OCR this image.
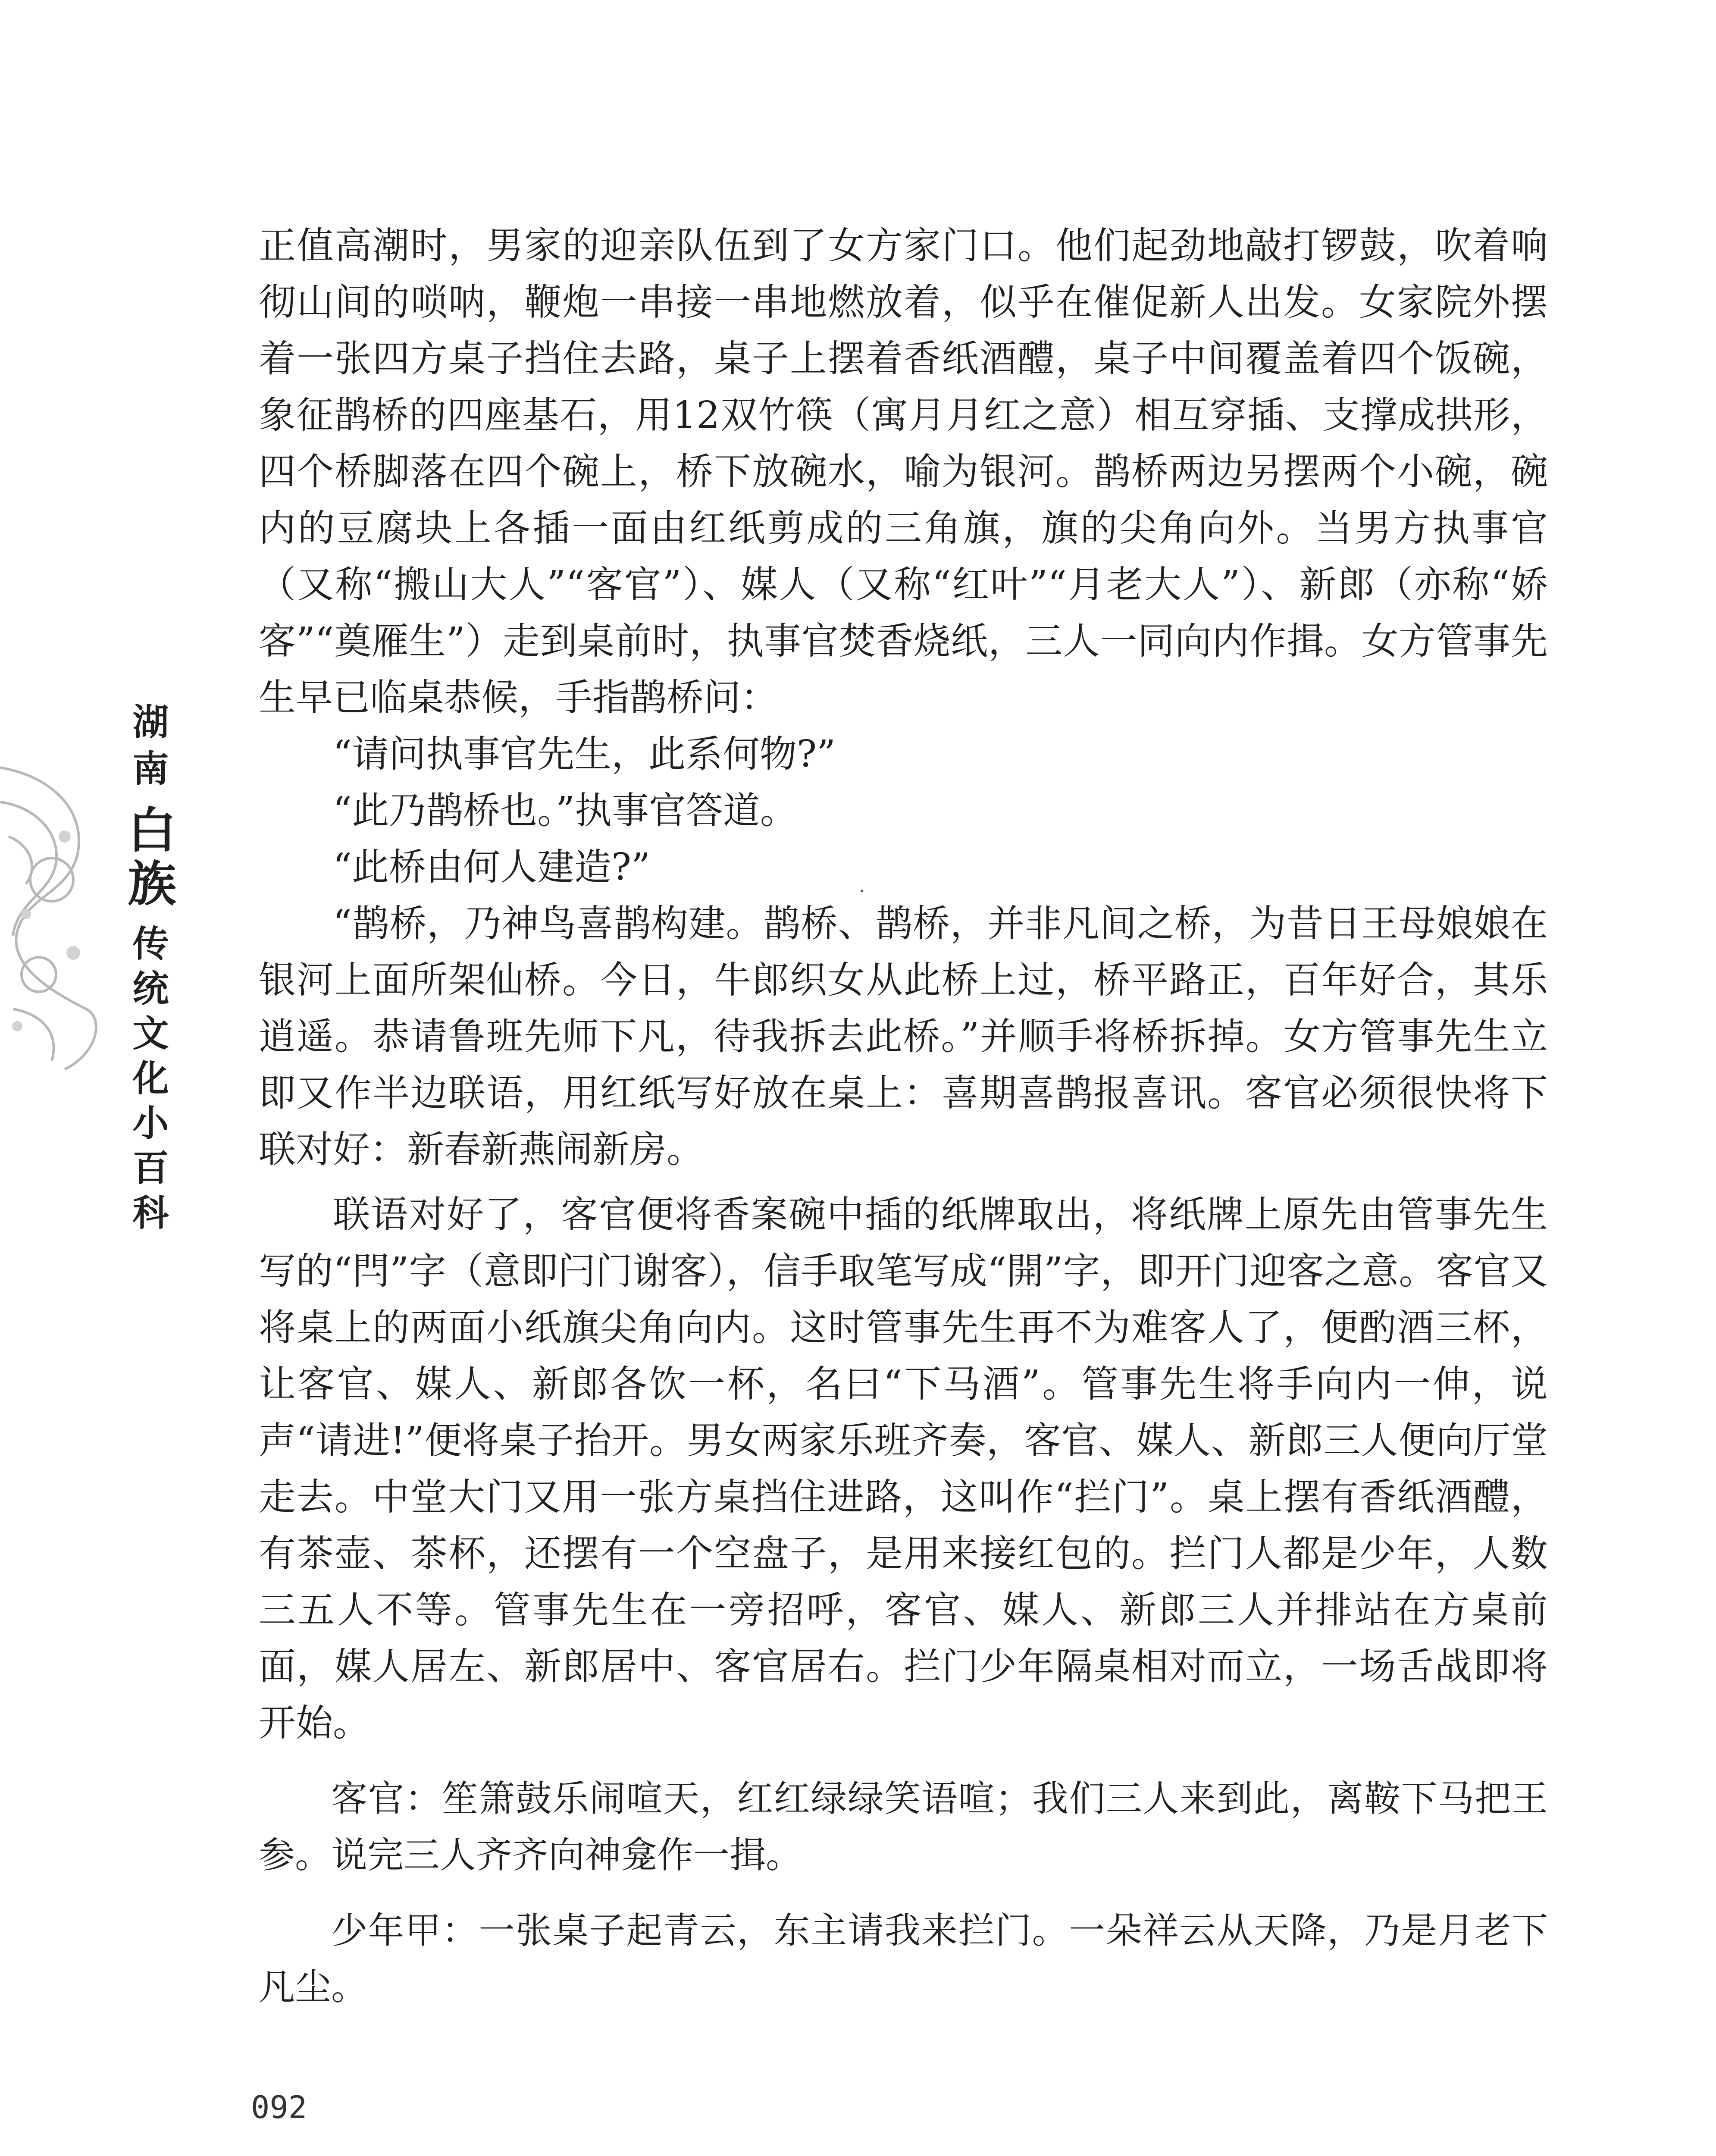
湖南
白族
传统文化小百科

正值高潮时，男家的迎亲队伍到了女方家门口。他们起劲地敲打锣鼓，吹着响彻山间的唢呐，鞭炮一串接一串地燃放着，似乎在催促新人出发。女家院外摆着一张四方桌子挡住去路，桌子上摆着香纸酒醴，桌子中间覆盖着四个饭碗，象征鹊桥的四座基石，用12双竹筷（寓月月红之意）相互穿插、支撑成拱形，四个桥脚落在四个碗上，桥下放碗水，喻为银河。鹊桥两边另摆两个小碗，碗内的豆腐块上各插一面由红纸剪成的三角旗，旗的尖角向外。当男方执事官（又称“搬山大人”“客官”）、媒人（又称“红叶”“月老大人”）、新郎（亦称“娇客”“奠雁生”）走到桌前时，执事官焚香烧纸，三人一同向内作揖。女方管事先生早已临桌恭候，手指鹊桥问：

“请问执事官先生，此系何物?”

“此乃鹊桥也。”执事官答道。

“此桥由何人建造?”

“鹊桥，乃神鸟喜鹊构建。鹊桥、鹊桥，并非凡间之桥，为昔日王母娘娘在银河上面所架仙桥。今日，牛郎织女从此桥上过，桥平路正，百年好合，其乐逍遥。恭请鲁班先师下凡，待我拆去此桥。”并顺手将桥拆掉。女方管事先生立即又作半边联语，用红纸写好放在桌上：喜期喜鹊报喜讯。客官必须很快将下联对好：新春新燕闹新房。

联语对好了，客官便将香案碗中插的纸牌取出，将纸牌上原先由管事先生写的“閂”字（意即闩门谢客），信手取笔写成“開”字，即开门迎客之意。客官又将桌上的两面小纸旗尖角向内。这时管事先生再不为难客人了，便酌酒三杯，让客官、媒人、新郎各饮一杯，名曰“下马酒”。管事先生将手向内一伸，说声“请进!”便将桌子抬开。男女两家乐班齐奏，客官、媒人、新郎三人便向厅堂走去。中堂大门又用一张方桌挡住进路，这叫作“拦门”。桌上摆有香纸酒醴，有茶壶、茶杯，还摆有一个空盘子，是用来接红包的。拦门人都是少年，人数三五人不等。管事先生在一旁招呼，客官、媒人、新郎三人并排站在方桌前面，媒人居左、新郎居中、客官居右。拦门少年隔桌相对而立，一场舌战即将开始。

客官：笙箫鼓乐闹喧天，红红绿绿笑语喧；我们三人来到此，离鞍下马把王参。说完三人齐齐向神龛作一揖。

少年甲：一张桌子起青云，东主请我来拦门。一朵祥云从天降，乃是月老下凡尘。

092
